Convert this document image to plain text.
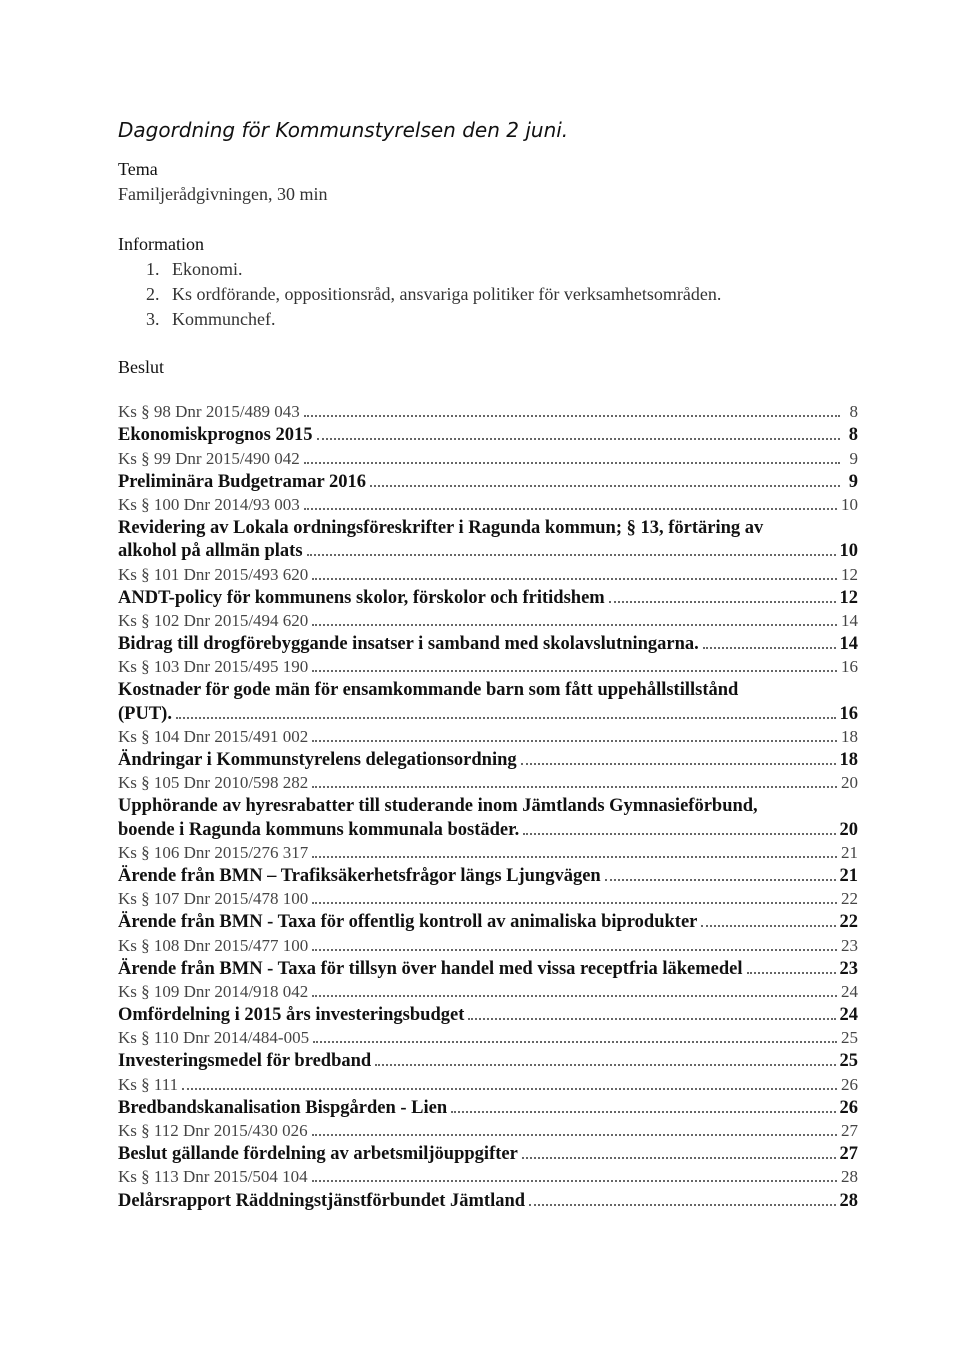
Dagordning för Kommunstyrelsen den 2 juni.
Tema
Familjerådgivningen, 30 min
Information
1. Ekonomi.
2. Ks ordförande, oppositionsråd, ansvariga politiker för verksamhetsområden.
3. Kommunchef.
Beslut
Ks § 98 Dnr 2015/489 043	8
Ekonomiskprognos 2015	8
Ks § 99 Dnr 2015/490 042	9
Preliminära Budgetramar 2016	9
Ks § 100 Dnr 2014/93 003	10
Revidering av Lokala ordningsföreskrifter i Ragunda kommun; § 13, förtäring av
alkohol på allmän plats	10
Ks § 101 Dnr 2015/493 620	12
ANDT-policy för kommunens skolor, förskolor och fritidshem	12
Ks § 102 Dnr 2015/494 620	14
Bidrag till drogförebyggande insatser i samband med skolavslutningarna.	14
Ks § 103 Dnr 2015/495 190	16
Kostnader för gode män för ensamkommande barn som fått uppehållstillstånd
(PUT).	16
Ks § 104 Dnr 2015/491 002	18
Ändringar i Kommunstyrelens delegationsordning	18
Ks § 105 Dnr 2010/598 282	20
Upphörande av hyresrabatter till studerande inom Jämtlands Gymnasieförbund,
boende i Ragunda kommuns kommunala bostäder.	20
Ks § 106 Dnr 2015/276 317	21
Ärende från BMN – Trafiksäkerhetsfrågor längs Ljungvägen	21
Ks § 107 Dnr 2015/478 100	22
Ärende från BMN - Taxa för offentlig kontroll av animaliska biprodukter	22
Ks § 108 Dnr 2015/477 100	23
Ärende från BMN - Taxa för tillsyn över handel med vissa receptfria läkemedel	23
Ks § 109 Dnr 2014/918 042	24
Omfördelning i 2015 års investeringsbudget	24
Ks § 110 Dnr 2014/484-005	25
Investeringsmedel för bredband	25
Ks § 111	26
Bredbandskanalisation Bispgården - Lien	26
Ks § 112 Dnr 2015/430 026	27
Beslut gällande fördelning av arbetsmiljöuppgifter	27
Ks § 113 Dnr 2015/504 104	28
Delårsrapport Räddningstjänstförbundet Jämtland	28
